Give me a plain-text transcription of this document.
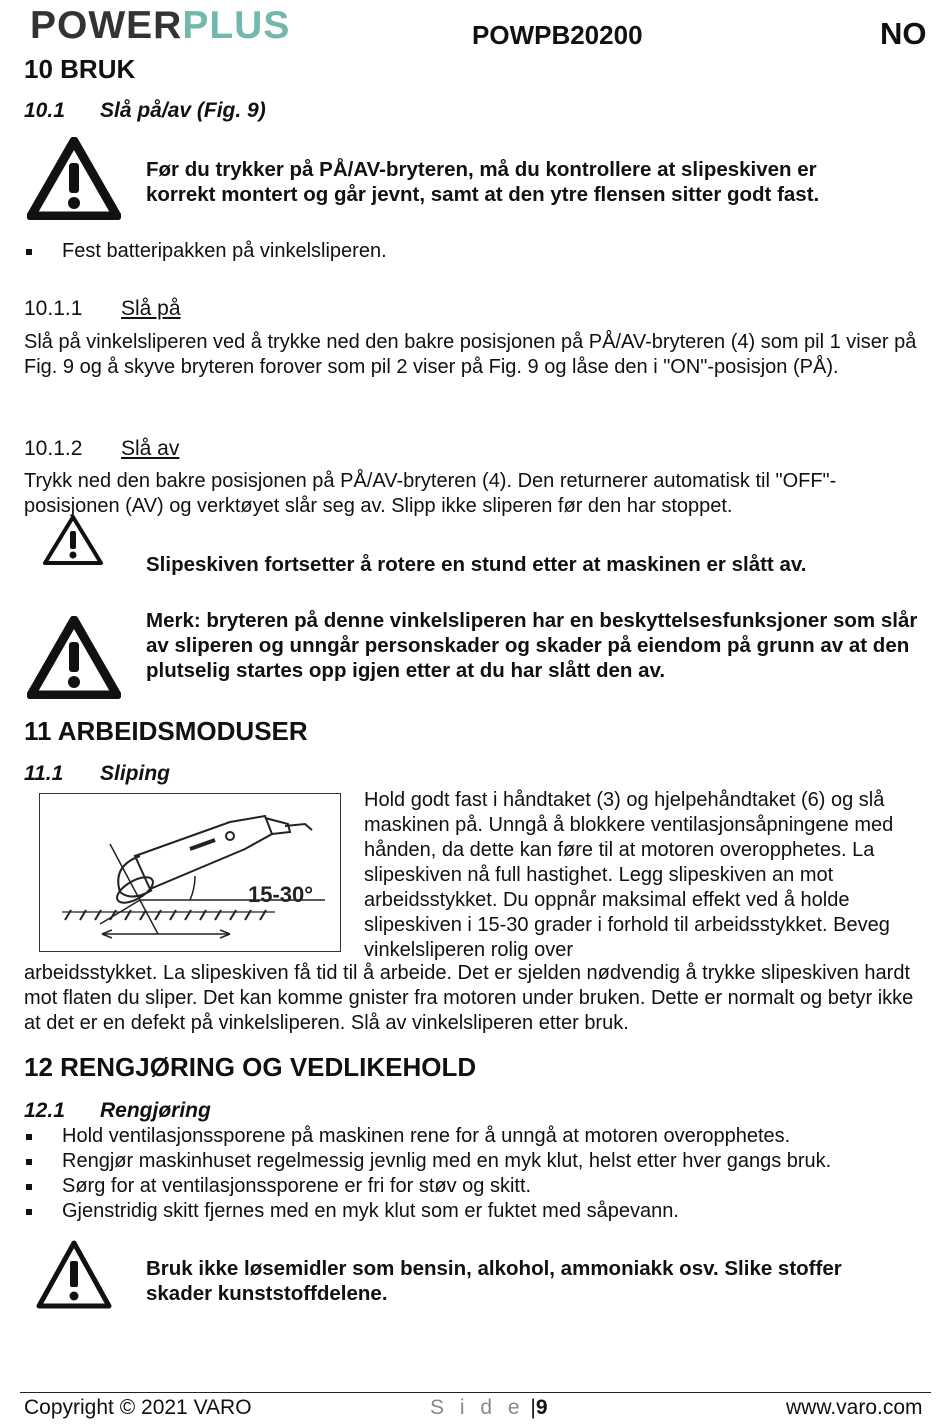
POWERPLUS	POWPB20200	NO
10 BRUK
10.1 Slå på/av (Fig. 9)
Før du trykker på PÅ/AV-bryteren, må du kontrollere at slipeskiven er korrekt montert og går jevnt, samt at den ytre flensen sitter godt fast.
Fest batteripakken på vinkelsliperen.
10.1.1 Slå på
Slå på vinkelsliperen ved å trykke ned den bakre posisjonen på PÅ/AV-bryteren (4) som pil 1 viser på Fig. 9 og å skyve bryteren forover som pil 2 viser på Fig. 9 og låse den i "ON"-posisjon (PÅ).
10.1.2 Slå av
Trykk ned den bakre posisjonen på PÅ/AV-bryteren (4). Den returnerer automatisk til "OFF"-posisjonen (AV) og verktøyet slår seg av. Slipp ikke sliperen før den har stoppet.
Slipeskiven fortsetter å rotere en stund etter at maskinen er slått av.
Merk: bryteren på denne vinkelsliperen har en beskyttelsesfunksjoner som slår av sliperen og unngår personskader og skader på eiendom på grunn av at den plutselig startes opp igjen etter at du har slått den av.
11 ARBEIDSMODUSER
11.1 Sliping
15-30°
Hold godt fast i håndtaket (3) og hjelpehåndtaket (6) og slå maskinen på. Unngå å blokkere ventilasjonsåpningene med hånden, da dette kan føre til at motoren overopphetes. La slipeskiven nå full hastighet. Legg slipeskiven an mot arbeidsstykket. Du oppnår maksimal effekt ved å holde slipeskiven i 15-30 grader i forhold til arbeidsstykket. Beveg vinkelsliperen rolig over
arbeidsstykket. La slipeskiven få tid til å arbeide. Det er sjelden nødvendig å trykke slipeskiven hardt mot flaten du sliper. Det kan komme gnister fra motoren under bruken. Dette er normalt og betyr ikke at det er en defekt på vinkelsliperen. Slå av vinkelsliperen etter bruk.
12 RENGJØRING OG VEDLIKEHOLD
12.1 Rengjøring
Hold ventilasjonssporene på maskinen rene for å unngå at motoren overopphetes.
Rengjør maskinhuset regelmessig jevnlig med en myk klut, helst etter hver gangs bruk.
Sørg for at ventilasjonssporene er fri for støv og skitt.
Gjenstridig skitt fjernes med en myk klut som er fuktet med såpevann.
Bruk ikke løsemidler som bensin, alkohol, ammoniakk osv. Slike stoffer skader kunststoffdelene.
Copyright © 2021 VARO	S i d e |9	www.varo.com
